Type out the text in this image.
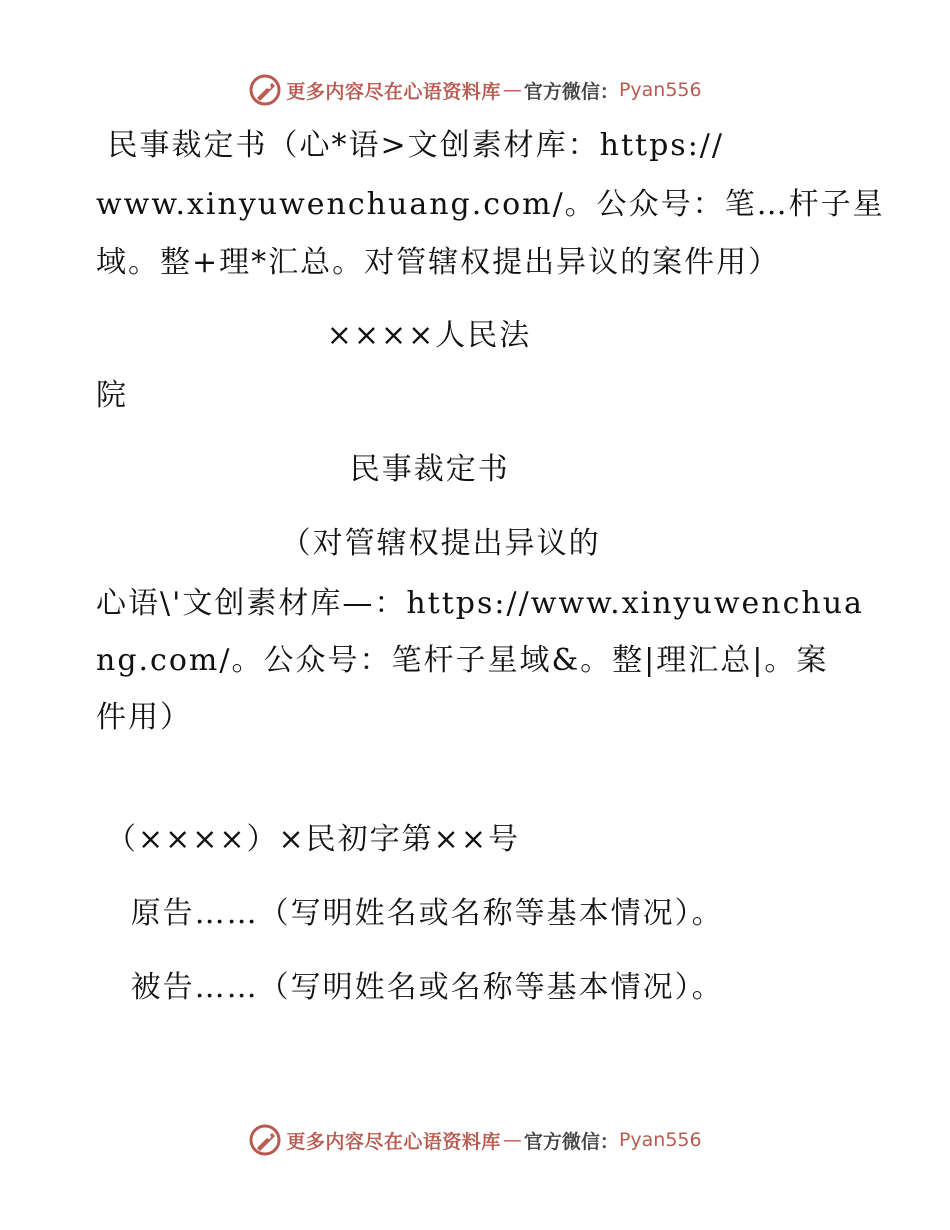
更多内容尽在心语资料库 — 官方微信： Pyan556

民事裁定书（心*语>文创素材库：https://

www.xinyuwenchuang.com/。公众号：笔…杆子星

域。整+理*汇总。对管辖权提出异议的案件用）

××××人民法

院

民事裁定书

（对管辖权提出异议的

心语\'文创素材库—：https://www.xinyuwenchua

ng.com/。公众号：笔杆子星域&。整|理汇总|。案

件用）

（××××）×民初字第××号

原告……（写明姓名或名称等基本情况）。

被告……（写明姓名或名称等基本情况）。

更多内容尽在心语资料库 — 官方微信： Pyan556
